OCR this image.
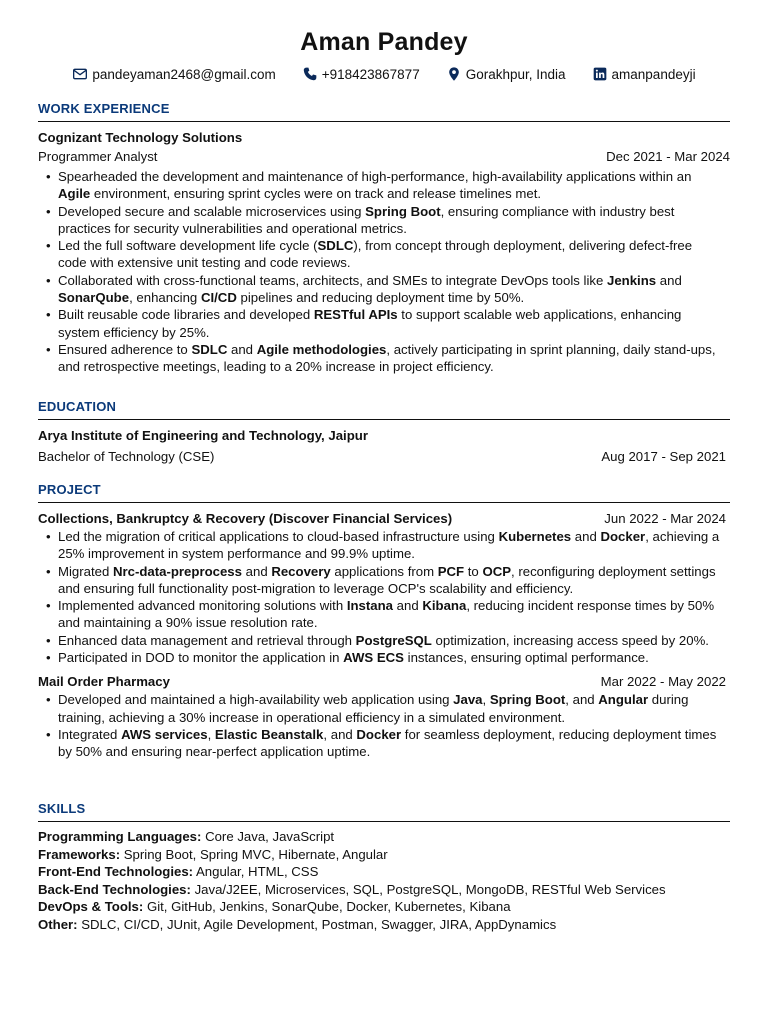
Aman Pandey
pandeyaman2468@gmail.com	+918423867877	Gorakhpur, India	amanpandeyji
WORK EXPERIENCE
Cognizant Technology Solutions
Programmer Analyst	Dec 2021 - Mar 2024
• Spearheaded the development and maintenance of high-performance, high-availability applications within an Agile environment, ensuring sprint cycles were on track and release timelines met.
• Developed secure and scalable microservices using Spring Boot, ensuring compliance with industry best practices for security vulnerabilities and operational metrics.
• Led the full software development life cycle (SDLC), from concept through deployment, delivering defect-free code with extensive unit testing and code reviews.
• Collaborated with cross-functional teams, architects, and SMEs to integrate DevOps tools like Jenkins and SonarQube, enhancing CI/CD pipelines and reducing deployment time by 50%.
• Built reusable code libraries and developed RESTful APIs to support scalable web applications, enhancing system efficiency by 25%.
• Ensured adherence to SDLC and Agile methodologies, actively participating in sprint planning, daily stand-ups, and retrospective meetings, leading to a 20% increase in project efficiency.
EDUCATION
Arya Institute of Engineering and Technology, Jaipur
Bachelor of Technology (CSE)	Aug 2017 - Sep 2021
PROJECT
Collections, Bankruptcy & Recovery (Discover Financial Services)	Jun 2022 - Mar 2024
• Led the migration of critical applications to cloud-based infrastructure using Kubernetes and Docker, achieving a 25% improvement in system performance and 99.9% uptime.
• Migrated Nrc-data-preprocess and Recovery applications from PCF to OCP, reconfiguring deployment settings and ensuring full functionality post-migration to leverage OCP's scalability and efficiency.
• Implemented advanced monitoring solutions with Instana and Kibana, reducing incident response times by 50% and maintaining a 90% issue resolution rate.
• Enhanced data management and retrieval through PostgreSQL optimization, increasing access speed by 20%.
• Participated in DOD to monitor the application in AWS ECS instances, ensuring optimal performance.
Mail Order Pharmacy	Mar 2022 - May 2022
• Developed and maintained a high-availability web application using Java, Spring Boot, and Angular during training, achieving a 30% increase in operational efficiency in a simulated environment.
• Integrated AWS services, Elastic Beanstalk, and Docker for seamless deployment, reducing deployment times by 50% and ensuring near-perfect application uptime.
SKILLS
Programming Languages: Core Java, JavaScript
Frameworks: Spring Boot, Spring MVC, Hibernate, Angular
Front-End Technologies: Angular, HTML, CSS
Back-End Technologies: Java/J2EE, Microservices, SQL, PostgreSQL, MongoDB, RESTful Web Services
DevOps & Tools: Git, GitHub, Jenkins, SonarQube, Docker, Kubernetes, Kibana
Other: SDLC, CI/CD, JUnit, Agile Development, Postman, Swagger, JIRA, AppDynamics
